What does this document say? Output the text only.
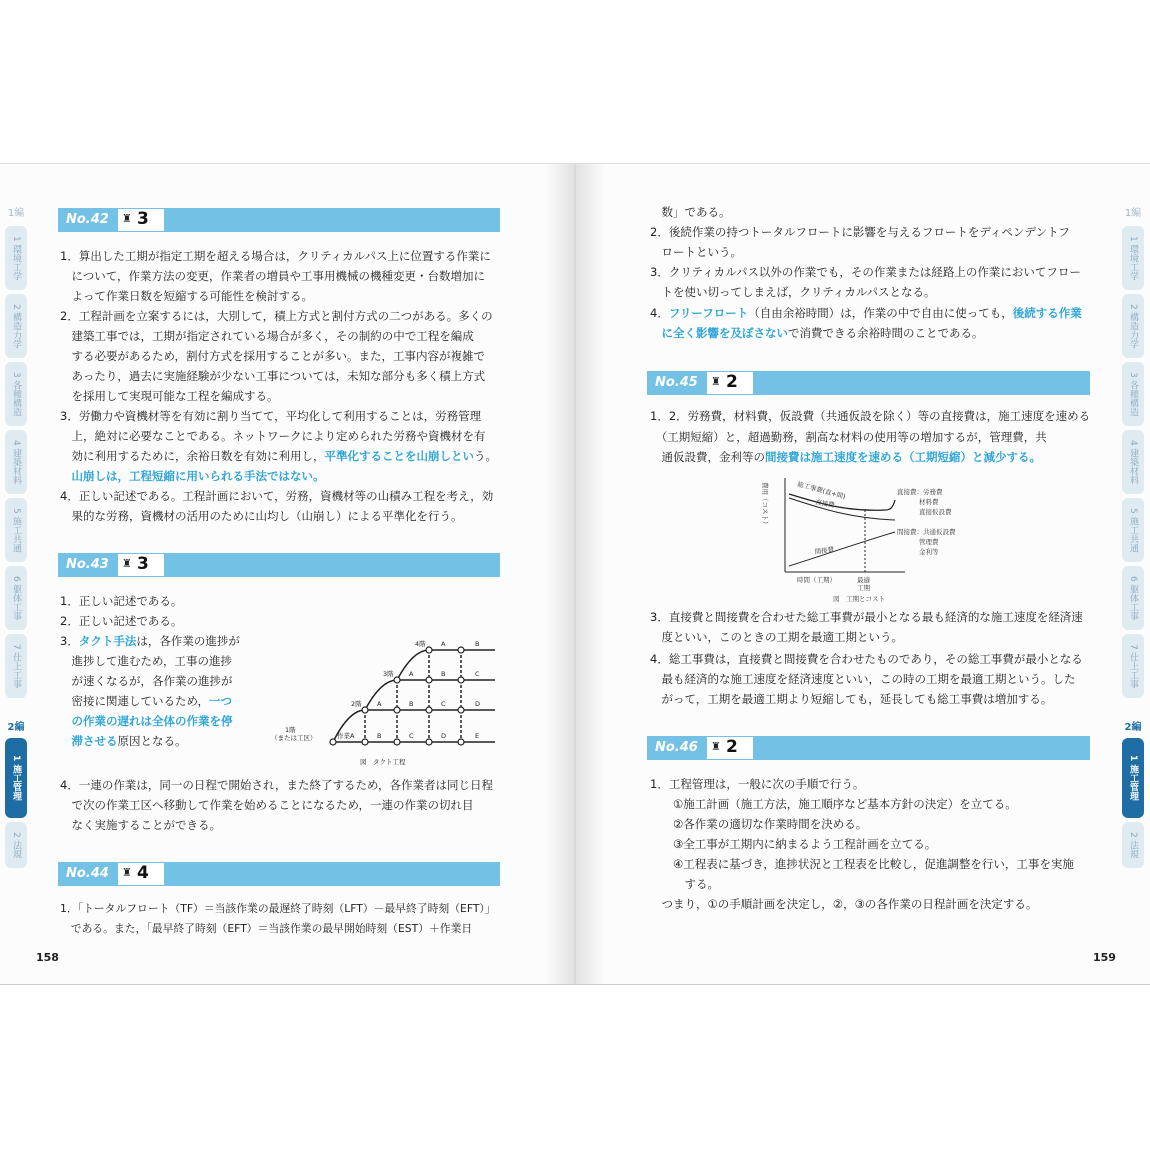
1編
1 環境工学
2 構造力学
3 各種構造
4 建築材料
5 施工共通
6 躯体工事
7 仕上工事
2編
1 施工管理
2 法規
No.42 ♜ 3
1．算出した工期が指定工期を超える場合は，クリティカルパス上に位置する作業に
　について，作業方法の変更，作業者の増員や工事用機械の機種変更・台数増加に
　よって作業日数を短縮する可能性を検討する。
2．工程計画を立案するには，大別して，積上方式と割付方式の二つがある。多くの
　建築工事では，工期が指定されている場合が多く，その制約の中で工程を編成
　する必要があるため，割付方式を採用することが多い。また，工事内容が複雑で
　あったり，過去に実施経験が少ない工事については，未知な部分も多く積上方式
　を採用して実現可能な工程を編成する。
3．労働力や資機材等を有効に割り当てて，平均化して利用することは，労務管理
　上，絶対に必要なことである。ネットワークにより定められた労務や資機材を有
　効に利用するために，余裕日数を有効に利用し，平準化することを山崩しという。
　山崩しは，工程短縮に用いられる手法ではない。
4．正しい記述である。工程計画において，労務，資機材等の山積み工程を考え，効
　果的な労務，資機材の活用のために山均し（山崩し）による平準化を行う。
No.43 ♜ 3
1．正しい記述である。
2．正しい記述である。
3．タクト手法は，各作業の進捗が
　進捗して進むため，工事の進捗
　が速くなるが，各作業の進捗が
　密接に関連しているため，一つ
　の作業の遅れは全体の作業を停
　滞させる原因となる。
4階
3階
2階
1階
（または工区）	作業A	B	C	D	E
A	B	C	D
A	B	C
A	B
図　タクト工程
4．一連の作業は，同一の日程で開始され，また終了するため，各作業者は同じ日程
　で次の作業工区へ移動して作業を始めることになるため，一連の作業の切れ目
　なく実施することができる。
No.44 ♜ 4
1．「トータルフロート（TF）＝当該作業の最遅終了時刻（LFT）－最早終了時刻（EFT）」
　である。また，「最早終了時刻（EFT）＝当該作業の最早開始時刻（EST）＋作業日
158
　数」である。
2．後続作業の持つトータルフロートに影響を与えるフロートをディペンデントフ
　ロートという。
3．クリティカルパス以外の作業でも，その作業または経路上の作業においてフロー
　トを使い切ってしまえば，クリティカルパスとなる。
4．フリーフロート（自由余裕時間）は，作業の中で自由に使っても，後続する作業
　に全く影響を及ぼさないで消費できる余裕時間のことである。
No.45 ♜ 2
1．2．労務費，材料費，仮設費（共通仮設を除く）等の直接費は，施工速度を速める
　（工期短縮）と，超過勤務，割高な材料の使用等の増加するが，管理費，共
　通仮設費，金利等の間接費は施工速度を速める（工期短縮）と減少する。
費用（コスト）	総工事費(直+間)
直接費
間接費
直接費：労務費
材料費
直接仮設費
間接費：共通仮設費
管理費
金利等
時間（工期）	最適
工期
図　工期とコスト
3．直接費と間接費を合わせた総工事費が最小となる最も経済的な施工速度を経済速
　度といい，このときの工期を最適工期という。
4．総工事費は，直接費と間接費を合わせたものであり，その総工事費が最小となる
　最も経済的な施工速度を経済速度といい，この時の工期を最適工期という。した
　がって，工期を最適工期より短縮しても，延長しても総工事費は増加する。
No.46 ♜ 2
1．工程管理は，一般に次の手順で行う。
　　①施工計画（施工方法，施工順序など基本方針の決定）を立てる。
　　②各作業の適切な作業時間を決める。
　　③全工事が工期内に納まるよう工程計画を立てる。
　　④工程表に基づき，進捗状況と工程表を比較し，促進調整を行い，工事を実施
　　　する。
　つまり，①の手順計画を決定し，②，③の各作業の日程計画を決定する。
159
1編
1 環境工学
2 構造力学
3 各種構造
4 建築材料
5 施工共通
6 躯体工事
7 仕上工事
2編
1 施工管理
2 法規
